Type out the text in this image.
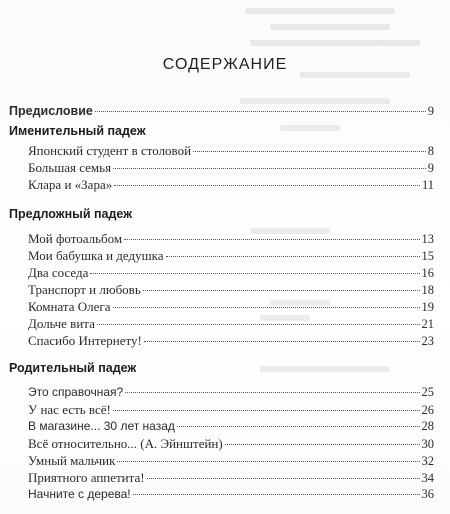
СОДЕРЖАНИЕ
Предисловие	9
Именительный падеж
Японский студент в столовой	8
Большая семья	9
Клара и «Зара»	11
Предложный падеж
Мой фотоальбом	13
Мои бабушка и дедушка	15
Два соседа	16
Транспорт и любовь	18
Комната Олега	19
Дольче вита	21
Спасибо Интернету!	23
Родительный падеж
Это справочная?	25
У нас есть всё!	26
В магазине... 30 лет назад	28
Всё относительно... (А. Эйнштейн)	30
Умный мальчик	32
Приятного аппетита!	34
Начните с дерева!	36
